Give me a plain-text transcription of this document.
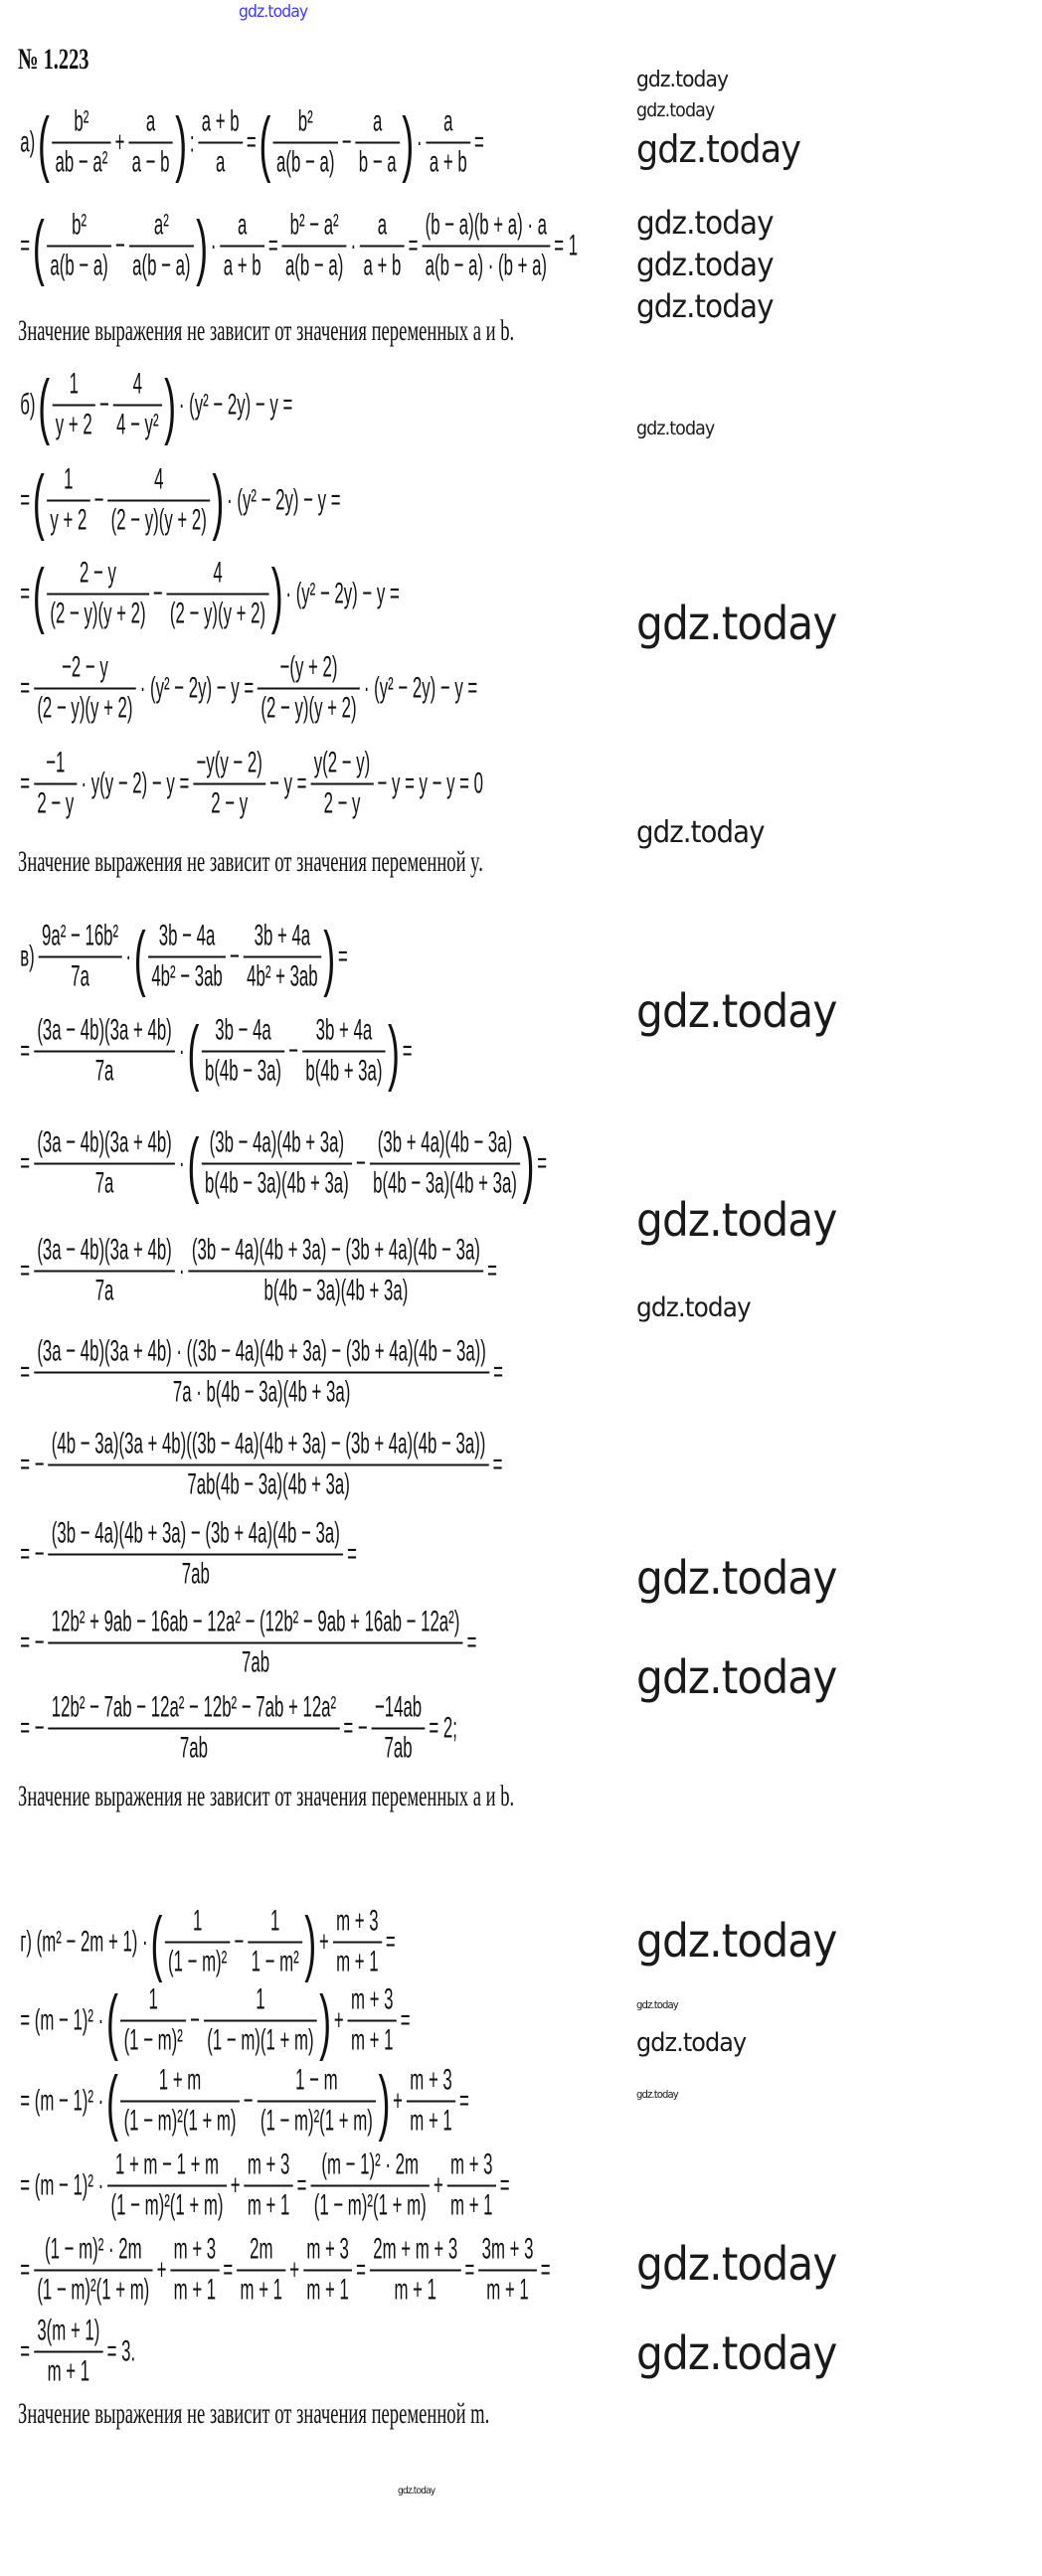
gdz.today
№ 1.223
а) ( $\frac{\text{b²}}{\text{ab − a²}} + \frac{a}{a - b}$ ) : $\frac{a + b}{a}$ = ( $\frac{\text{b²}}{a(b - a)} - \frac{a}{b - a}$ ) · $\frac{a}{a + b}$ =
= ( $\frac{\text{b²}}{a(b - a)} - \frac{\text{a²}}{a(b - a)}$ ) · $\frac{a}{a + b} = \frac{\text{b² − a²}}{a(b - a)} \cdot \frac{a}{a + b} = \frac{(b - a)(b + a) \cdot a}{a(b - a) \cdot (b + a)} = 1$
Значение выражения не зависит от значения переменных a и b.
б) ( $\frac{1}{y + 2} - \frac{4}{\text{4 − y²}}$ ) · (y² − 2y) − y =
= ( $\frac{1}{y + 2} - \frac{4}{(2 - y)(y + 2)}$ ) · (y² − 2y) − y =
= ( $\frac{2 - y}{(2 - y)(y + 2)} - \frac{4}{(2 - y)(y + 2)}$ ) · (y² − 2y) − y =
= $\frac{-2 - y}{(2 - y)(y + 2)} \cdot (y^2 - 2y) - y = \frac{-(y + 2)}{(2 - y)(y + 2)} \cdot (y^2 - 2y) - y$ =
= $\frac{-1}{2 - y} \cdot y(y - 2) - y = \frac{-y(y - 2)}{2 - y} - y = \frac{y(2 - y)}{2 - y} - y = y - y = 0$
Значение выражения не зависит от значения переменной y.
$в) \frac{\text{9a² − 16b²}}{7a}$ · ( $\frac{3b - 4a}{\text{4b² − 3ab}} - \frac{3b + 4a}{\text{4b² + 3ab}}$ ) =
= $\frac{(3a - 4b)(3a + 4b)}{7a}$ · ( $\frac{3b - 4a}{b(4b - 3a)} - \frac{3b + 4a}{b(4b + 3a)}$ ) =
= $\frac{(3a - 4b)(3a + 4b)}{7a}$ · ( $\frac{(3b - 4a)(4b + 3a)}{b(4b - 3a)(4b + 3a)} - \frac{(3b + 4a)(4b - 3a)}{b(4b - 3a)(4b + 3a)}$ ) =
= $\frac{(3a - 4b)(3a + 4b)}{7a} \cdot \frac{(3b - 4a)(4b + 3a) - (3b + 4a)(4b - 3a)}{b(4b - 3a)(4b + 3a)}$ =
=
(3a − 4b)(3a + 4b) · ((3b − 4a)(4b + 3a) − (3b + 4a)(4b − 3a))
7a · b(4b − 3a)(4b + 3a)
=
= − $\frac{(4b - 3a)(3a + 4b)((3b - 4a)(4b + 3a) - (3b + 4a)(4b - 3a))}{7ab(4b - 3a)(4b + 3a)}$ =
= − $\frac{(3b - 4a)(4b + 3a) - (3b + 4a)(4b - 3a)}{7ab}$ =
= − $\frac{\text{12b² + 9ab − 16ab − 12a² − (12b² − 9ab + 16ab − 12a²)}}{7ab}$ =
= − $\frac{\text{12b² − 7ab − 12a² − 12b² − 7ab + 12a²}}{7ab}$ = − $\frac{-14ab}{7ab} = 2$;
Значение выражения не зависит от значения переменных a и b.
г) (m² − 2m + 1) · ( $\frac{1}{\text{(1 − m)²}} - \frac{1}{\text{1 − m²}}$ ) + $\frac{m + 3}{m + 1}$ =
= (m − 1)² · ( $\frac{1}{\text{(1 − m)²}} - \frac{1}{(1 - m)(1 + m)}$ ) + $\frac{m + 3}{m + 1}$ =
= (m − 1)² · ( $\frac{1 + m}{\text{(1 − m)²(1 + m)}} - \frac{1 - m}{\text{(1 − m)²(1 + m)}}$ ) + $\frac{m + 3}{m + 1}$ =
= $(m - 1)^2 \cdot \frac{1 + m - 1 + m}{\text{(1 − m)²(1 + m)}} + \frac{m + 3}{m + 1} = \frac{\text{(m − 1)² · 2m}}{\text{(1 − m)²(1 + m)}} + \frac{m + 3}{m + 1}$ =
= $\frac{\text{(1 − m)² · 2m}}{\text{(1 − m)²(1 + m)}} + \frac{m + 3}{m + 1} = \frac{2m}{m + 1} + \frac{m + 3}{m + 1} = \frac{2m + m + 3}{m + 1} = \frac{3m + 3}{m + 1}$ =
= $\frac{3(m + 1)}{m + 1} = 3$.
Значение выражения не зависит от значения переменной m.
gdz.today
gdz.today
gdz.today
gdz.today
gdz.today
gdz.today
gdz.today
gdz.today
gdz.today
gdz.today
gdz.today
gdz.today
gdz.today
gdz.today
gdz.today
gdz.today
gdz.today
gdz.today
gdz.today
gdz.today
gdz.today
